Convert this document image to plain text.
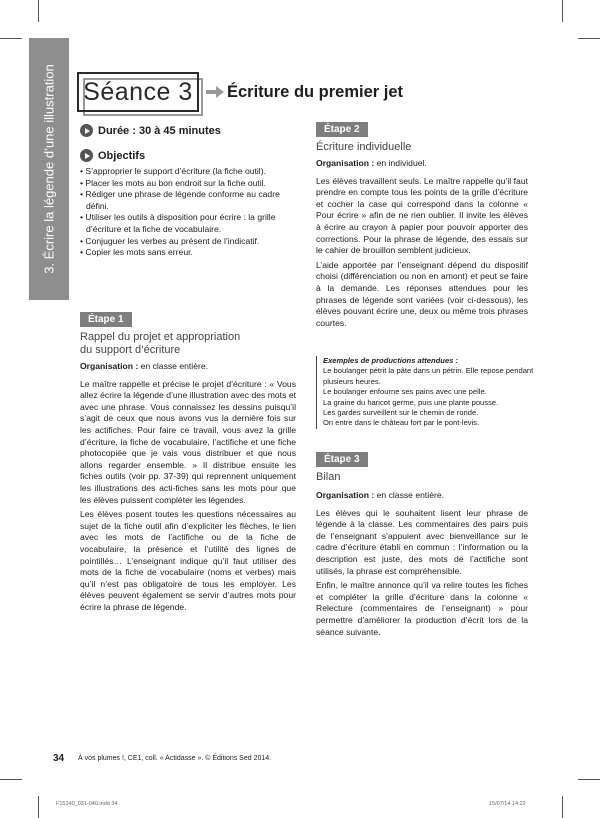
3. Écrire la légende d’une illustration Séance 3 Écriture du premier jet
Durée : 30 à 45 minutes
Objectifs
• S’approprier le support d’écriture (la fiche outil).
• Placer les mots au bon endroit sur la fiche outil.
• Rédiger une phrase de légende conforme au cadre défini.
• Utiliser les outils à disposition pour écrire : la grille d’écriture et la fiche de vocabulaire.
• Conjuguer les verbes au présent de l’indicatif.
• Copier les mots sans erreur.
Étape 1
Rappel du projet et appropriation
du support d’écriture

Organisation : en classe entière.

Le maître rappelle et précise le projet d’écriture : « Vous allez écrire la légende d’une illustration avec des mots et avec une phrase. Vous connaissez les dessins puisqu’il s’agit de ceux que nous avons vus la dernière fois sur les actifiches. Pour faire ce travail, vous avez la grille d’écriture, la fiche de vocabulaire, l’actifiche et une fiche photocopiée que je vais vous distribuer et que nous allons regarder ensemble. » Il distribue ensuite les fiches outils (voir pp. 37-39) qui reprennent uniquement les illustrations des acti-fiches sans les mots pour que les élèves puissent compléter les légendes.

Les élèves posent toutes les questions nécessaires au sujet de la fiche outil afin d’expliciter les flèches, le lien avec les mots de l’actifiche ou de la fiche de vocabulaire, la présence et l’utilité des lignes de pointillés… L’enseignant indique qu’il faut utiliser des mots de la fiche de vocabulaire (noms et verbes) mais qu’il n’est pas obligatoire de tous les employer. Les élèves peuvent également se servir d’autres mots pour écrire la phrase de légende.

Étape 2
Écriture individuelle

Organisation : en individuel.

Les élèves travaillent seuls. Le maître rappelle qu’il faut prendre en compte tous les points de la grille d’écriture et cocher la case qui correspond dans la colonne « Pour écrire » afin de ne rien oublier. Il invite les élèves à écrire au crayon à papier pour pouvoir apporter des corrections. Pour la phrase de légende, des essais sur le cahier de brouillon semblent judicieux.

L’aide apportée par l’enseignant dépend du dispositif choisi (différenciation ou non en amont) et peut se faire à la demande. Les réponses attendues pour les phrases de légende sont variées (voir ci-dessous), les élèves pouvant écrire une, deux ou même trois phrases courtes.

Exemples de productions attendues :

Le boulanger pétrit la pâte dans un pétrin. Elle repose pendant plusieurs heures.

Le boulanger enfourne ses pains avec une pelle.

La graine du haricot germe, puis une plante pousse.

Les gardes surveillent sur le chemin de ronde.

On entre dans le château fort par le pont-levis.

Étape 3
Bilan

Organisation : en classe entière.

Les élèves qui le souhaitent lisent leur phrase de légende à la classe. Les commentaires des pairs puis de l’enseignant s’appuient avec bienveillance sur le cadre d’écriture établi en commun : l’information ou la description est juste, des mots de l’actifiche sont utilisés, la phrase est compréhensible.

Enfin, le maître annonce qu’il va relire toutes les fiches et compléter la grille d’écriture dans la colonne « Relecture (commentaires de l’enseignant) » pour permettre d’améliorer la production d’écrit lors de la séance suivante.

34 À vos plumes !, CE1, coll. « Actidasse ». © Éditions Sed 2014.
F15240_031-040.indd 34	15/07/14 14:22
